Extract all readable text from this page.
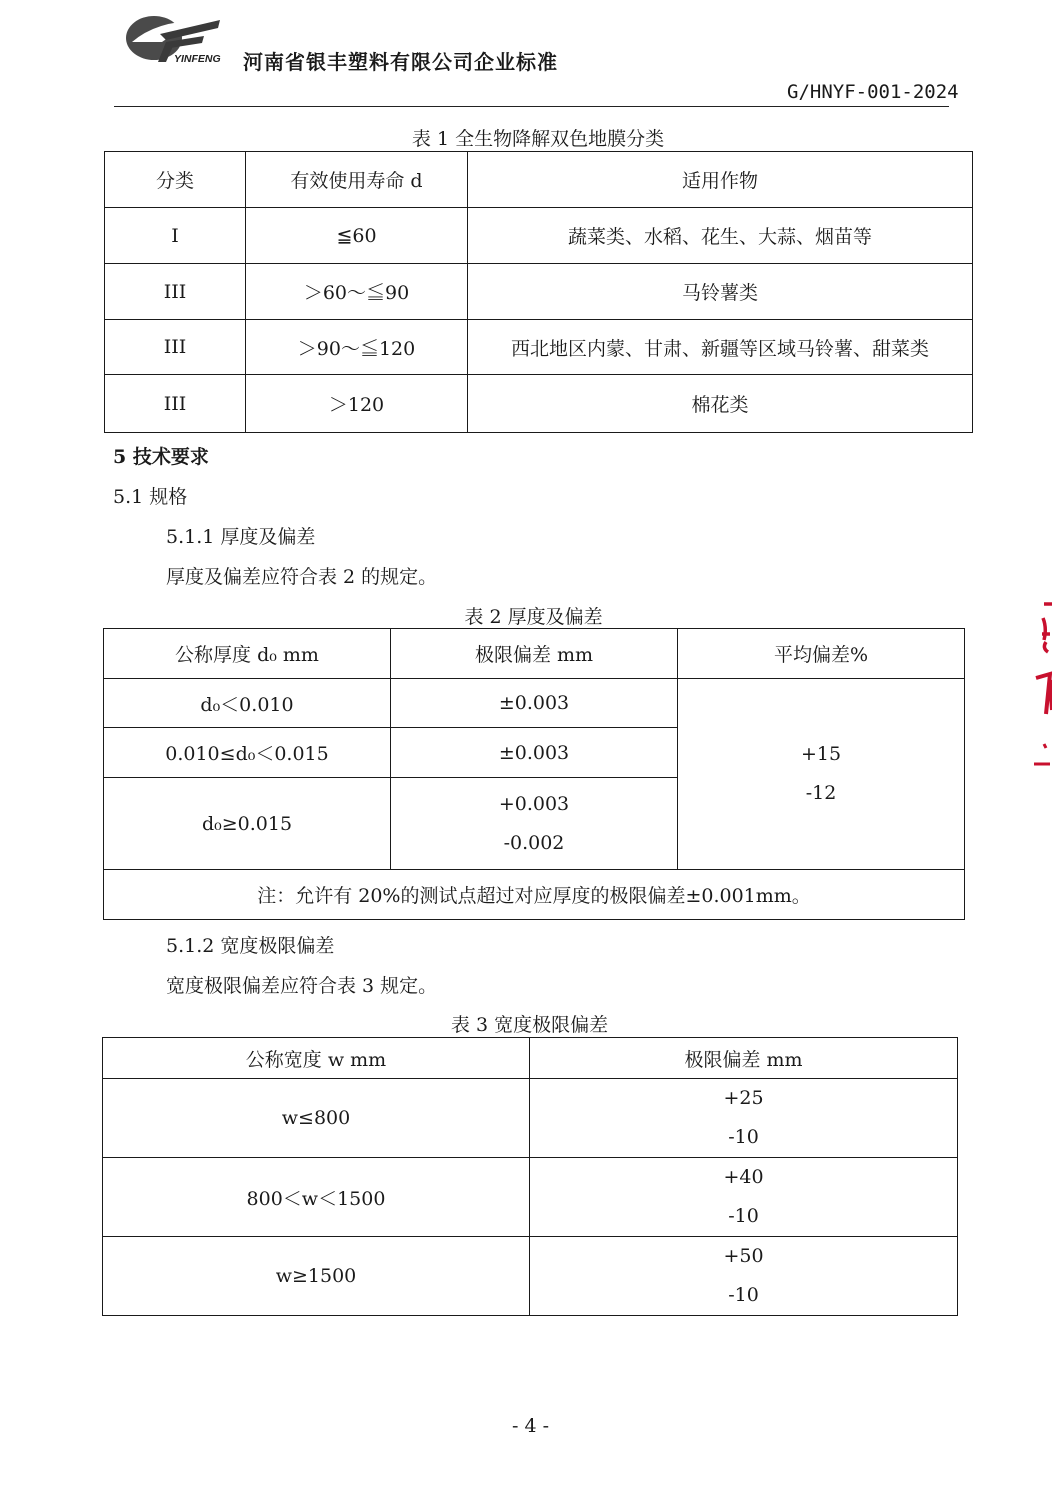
YINFENG 河南省银丰塑料有限公司企业标准
G/HNYF-001-2024
表 1 全生物降解双色地膜分类
分类	有效使用寿命 d	适用作物
I	≦60	蔬菜类、水稻、花生、大蒜、烟苗等
III	＞60～≦90	马铃薯类
III	＞90～≦120	西北地区内蒙、甘肃、新疆等区域马铃薯、甜菜类
III	＞120	棉花类
5 技术要求
5.1 规格
5.1.1 厚度及偏差
厚度及偏差应符合表 2 的规定。
表 2 厚度及偏差
公称厚度 d₀ mm	极限偏差 mm	平均偏差%
d₀＜0.010	±0.003	+15
-12

0.010≤d₀＜0.015	±0.003	
d₀≥0.015	+0.003
-0.002	

注：允许有 20%的测试点超过对应厚度的极限偏差±0.001mm。		
5.1.2 宽度极限偏差
宽度极限偏差应符合表 3 规定。
表 3 宽度极限偏差
公称宽度 w mm	极限偏差 mm
w≤800	+25
-10

800＜w＜1500	+40
-10

w≥1500	+50
-10
- 4 -
